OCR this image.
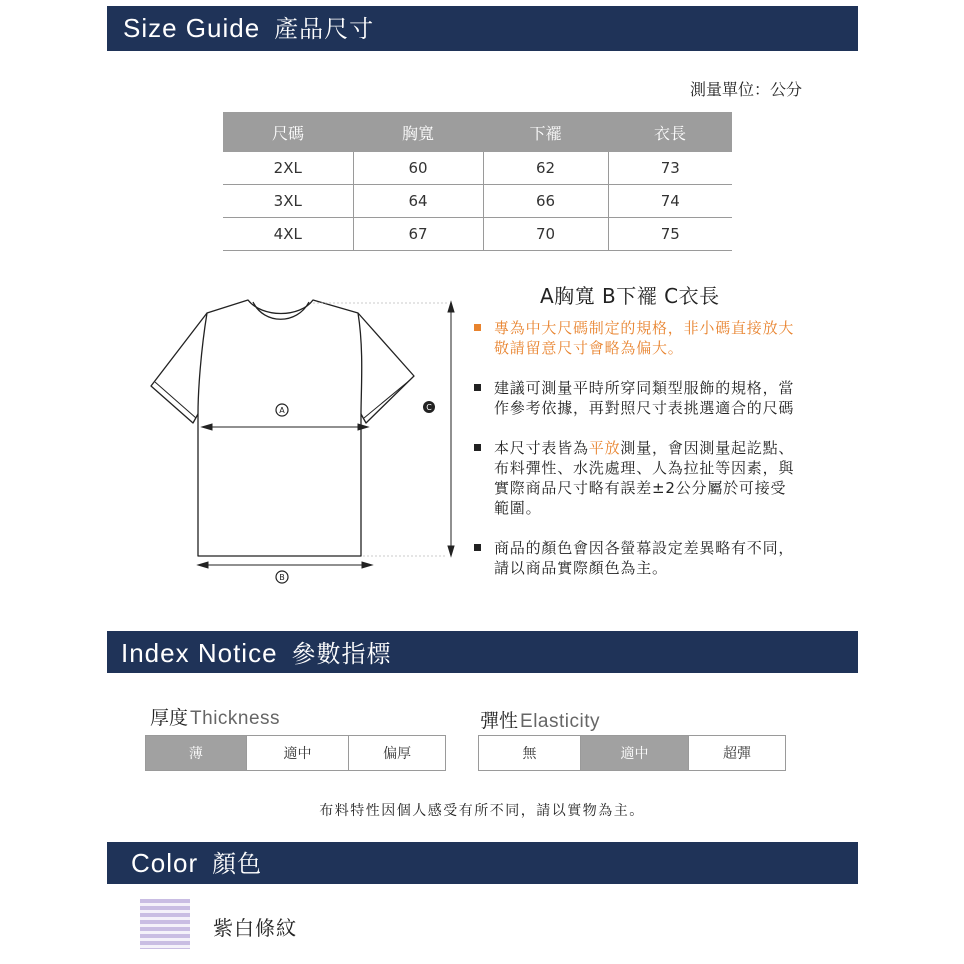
Size Guide 產品尺寸
測量單位：公分
尺碼	胸寬	下襬	衣長
2XL	60	62	73
3XL	64	66	74
4XL	67	70	75
A
B
C
A胸寬 B下襬 C衣長
專為中大尺碼制定的規格，非小碼直接放大
敬請留意尺寸會略為偏大。
建議可測量平時所穿同類型服飾的規格，當
作參考依據，再對照尺寸表挑選適合的尺碼
本尺寸表皆為平放測量，會因測量起訖點、
布料彈性、水洗處理、人為拉扯等因素，與
實際商品尺寸略有誤差±2公分屬於可接受
範圍。
商品的顏色會因各螢幕設定差異略有不同，
請以商品實際顏色為主。
Index Notice 參數指標
厚度 Thickness
薄	適中	偏厚
彈性 Elasticity
無	適中	超彈
布料特性因個人感受有所不同，請以實物為主。
Color 顏色
紫白條紋
